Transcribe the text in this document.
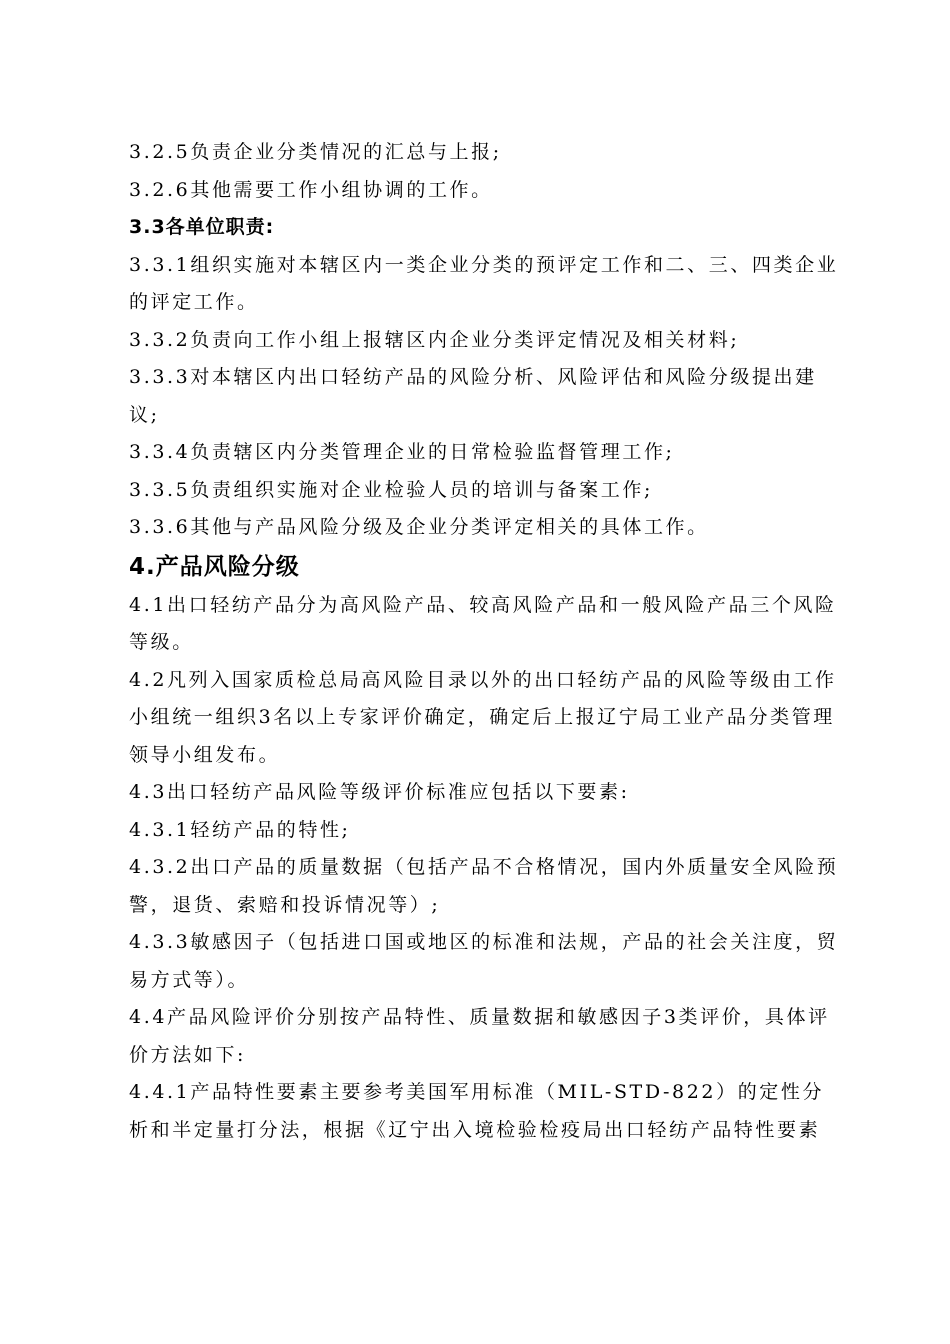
3.2.5负责企业分类情况的汇总与上报;

3.2.6其他需要工作小组协调的工作。

3.3各单位职责:

3.3.1组织实施对本辖区内一类企业分类的预评定工作和二、三、四类企业的评定工作。

3.3.2负责向工作小组上报辖区内企业分类评定情况及相关材料;

3.3.3对本辖区内出口轻纺产品的风险分析、风险评估和风险分级提出建议;

3.3.4负责辖区内分类管理企业的日常检验监督管理工作;

3.3.5负责组织实施对企业检验人员的培训与备案工作;

3.3.6其他与产品风险分级及企业分类评定相关的具体工作。

4.产品风险分级

4.1出口轻纺产品分为高风险产品、较高风险产品和一般风险产品三个风险等级。

4.2凡列入国家质检总局高风险目录以外的出口轻纺产品的风险等级由工作小组统一组织3名以上专家评价确定，确定后上报辽宁局工业产品分类管理领导小组发布。

4.3出口轻纺产品风险等级评价标准应包括以下要素:

4.3.1轻纺产品的特性;

4.3.2出口产品的质量数据（包括产品不合格情况，国内外质量安全风险预警，退货、索赔和投诉情况等）;

4.3.3敏感因子（包括进口国或地区的标准和法规，产品的社会关注度，贸易方式等）。

4.4产品风险评价分别按产品特性、质量数据和敏感因子3类评价，具体评价方法如下:

4.4.1产品特性要素主要参考美国军用标准（MIL-STD-822）的定性分析和半定量打分法，根据《辽宁出入境检验检疫局出口轻纺产品特性要素
